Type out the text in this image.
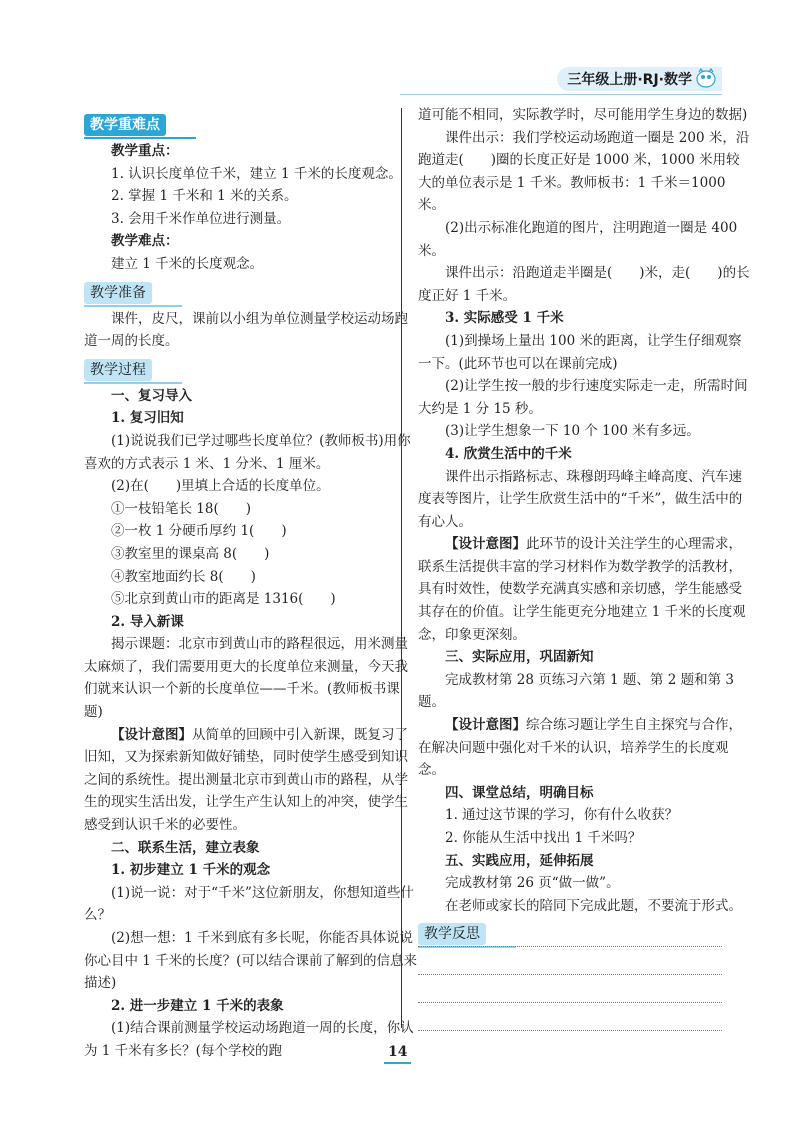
三年级上册·RJ·数学
教学重难点

教学重点：

1. 认识长度单位千米，建立 1 千米的长度观念。

2. 掌握 1 千米和 1 米的关系。

3. 会用千米作单位进行测量。

教学难点：

建立 1 千米的长度观念。

教学准备

课件，皮尺，课前以小组为单位测量学校运动场跑道一周的长度。

教学过程

一、复习导入

1. 复习旧知

(1)说说我们已学过哪些长度单位？(教师板书)用你喜欢的方式表示 1 米、1 分米、1 厘米。

(2)在(　　)里填上合适的长度单位。

①一枝铅笔长 18(　　)

②一枚 1 分硬币厚约 1(　　)

③教室里的课桌高 8(　　)

④教室地面约长 8(　　)

⑤北京到黄山市的距离是 1316(　　)

2. 导入新课

揭示课题：北京市到黄山市的路程很远，用米测量太麻烦了，我们需要用更大的长度单位来测量，今天我们就来认识一个新的长度单位——千米。(教师板书课题)

【设计意图】从简单的回顾中引入新课，既复习了旧知，又为探索新知做好铺垫，同时使学生感受到知识之间的系统性。提出测量北京市到黄山市的路程，从学生的现实生活出发，让学生产生认知上的冲突，使学生感受到认识千米的必要性。

二、联系生活，建立表象

1. 初步建立 1 千米的观念

(1)说一说：对于“千米”这位新朋友，你想知道些什么？

(2)想一想：1 千米到底有多长呢，你能否具体说说你心目中 1 千米的长度？(可以结合课前了解到的信息来描述)

2. 进一步建立 1 千米的表象

(1)结合课前测量学校运动场跑道一周的长度，你认为 1 千米有多长？(每个学校的跑

道可能不相同，实际教学时，尽可能用学生身边的数据)

课件出示：我们学校运动场跑道一圈是 200 米，沿跑道走(　　)圈的长度正好是 1000 米，1000 米用较大的单位表示是 1 千米。教师板书：1 千米＝1000 米。

(2)出示标准化跑道的图片，注明跑道一圈是 400 米。

课件出示：沿跑道走半圈是(　　)米，走(　　)的长度正好 1 千米。

3. 实际感受 1 千米

(1)到操场上量出 100 米的距离，让学生仔细观察一下。(此环节也可以在课前完成)

(2)让学生按一般的步行速度实际走一走，所需时间大约是 1 分 15 秒。

(3)让学生想象一下 10 个 100 米有多远。

4. 欣赏生活中的千米

课件出示指路标志、珠穆朗玛峰主峰高度、汽车速度表等图片，让学生欣赏生活中的“千米”，做生活中的有心人。

【设计意图】此环节的设计关注学生的心理需求，联系生活提供丰富的学习材料作为数学教学的活教材，具有时效性，使数学充满真实感和亲切感，学生能感受其存在的价值。让学生能更充分地建立 1 千米的长度观念，印象更深刻。

三、实际应用，巩固新知

完成教材第 28 页练习六第 1 题、第 2 题和第 3 题。

【设计意图】综合练习题让学生自主探究与合作，在解决问题中强化对千米的认识，培养学生的长度观念。

四、课堂总结，明确目标

1. 通过这节课的学习，你有什么收获？

2. 你能从生活中找出 1 千米吗？

五、实践应用，延伸拓展

完成教材第 26 页“做一做”。

在老师或家长的陪同下完成此题，不要流于形式。

教学反思
14
